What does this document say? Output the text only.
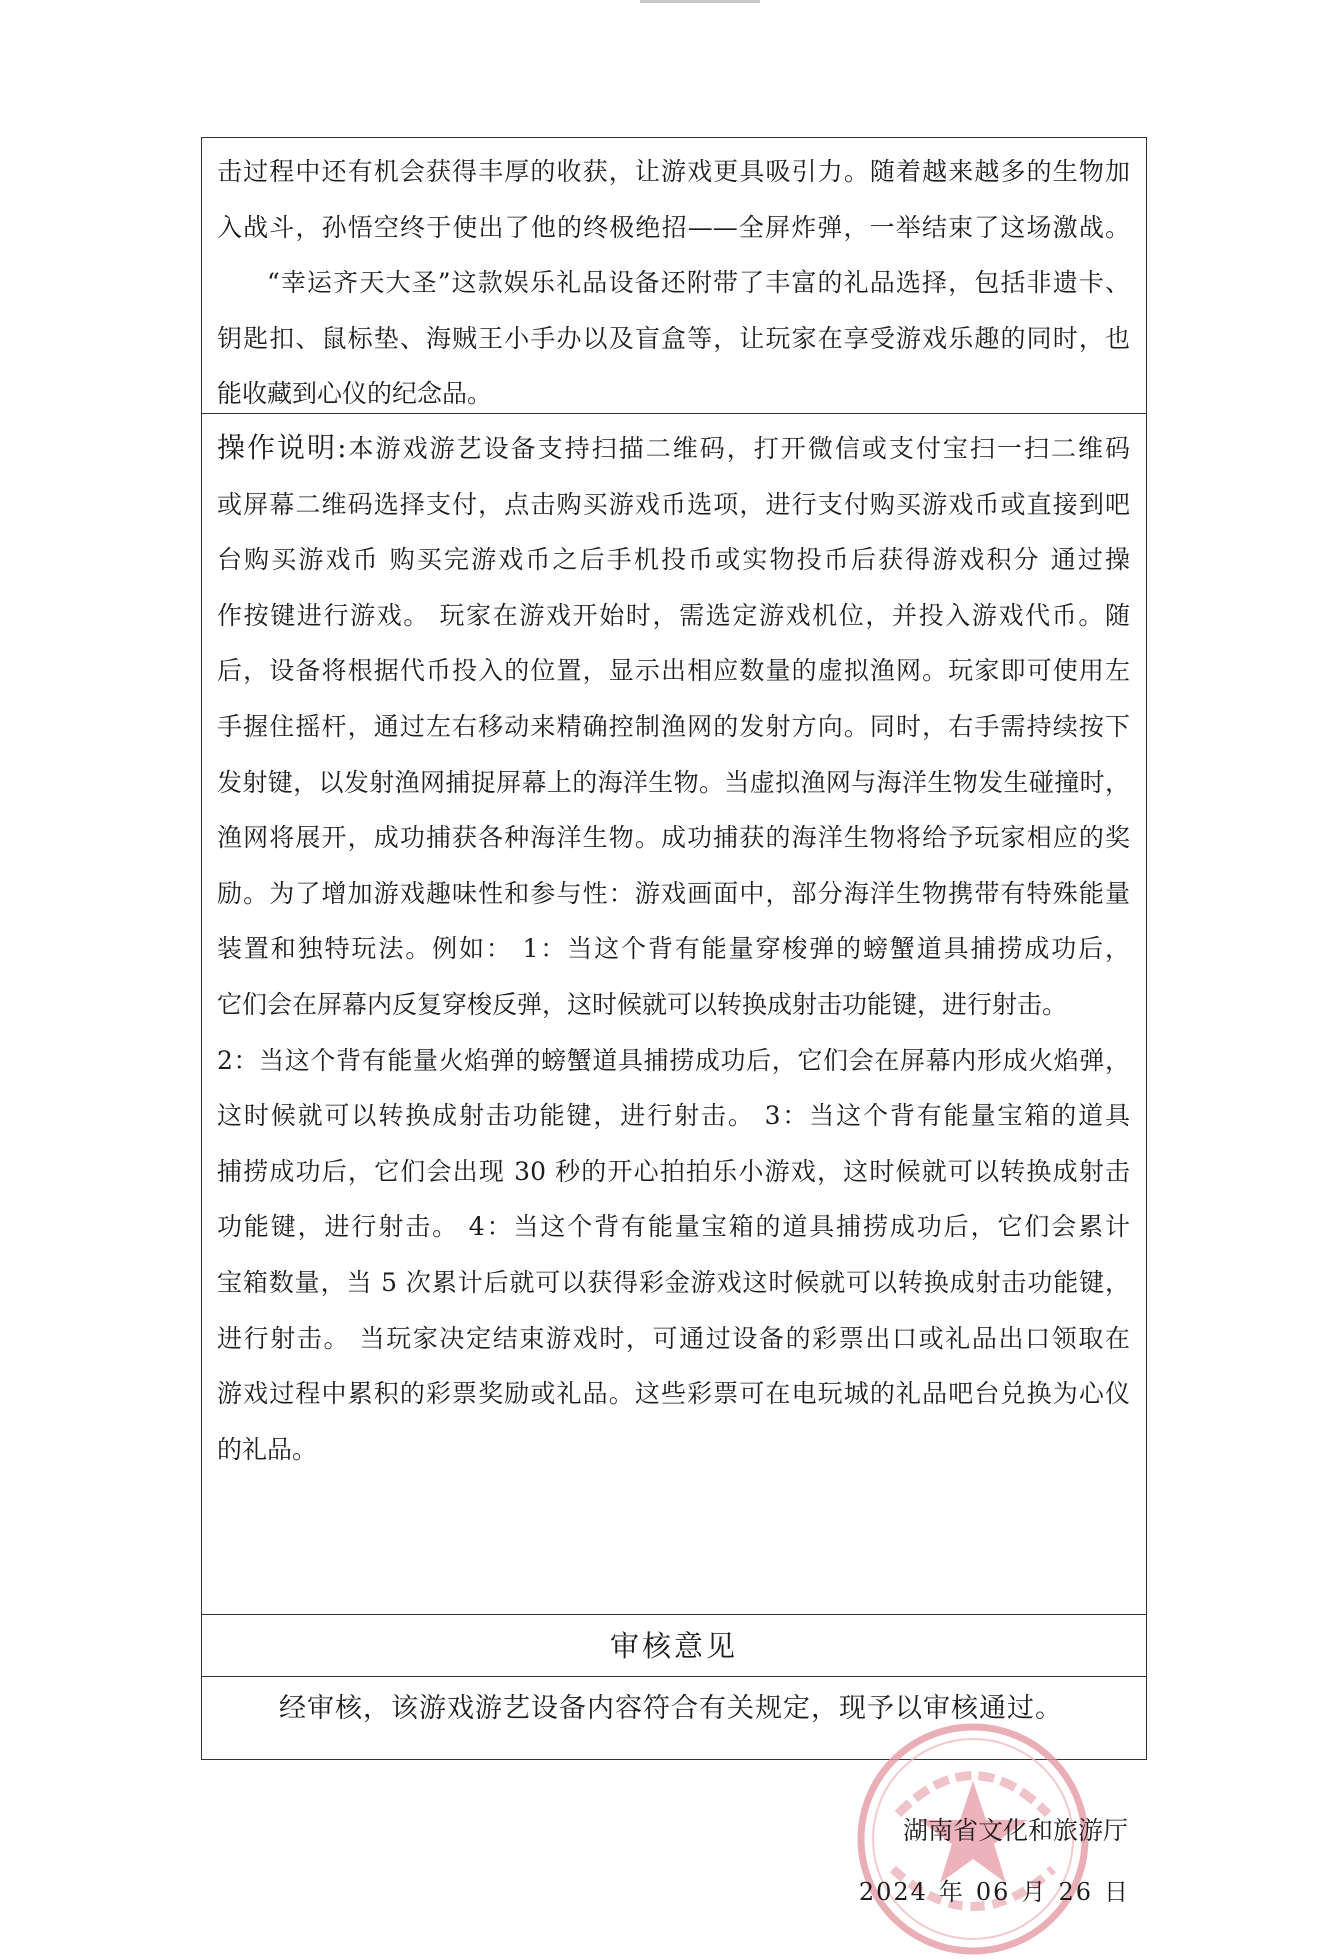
击过程中还有机会获得丰厚的收获，让游戏更具吸引力。随着越来越多的生物加
入战斗，孙悟空终于使出了他的终极绝招——全屏炸弹，一举结束了这场激战。

“幸运齐天大圣”这款娱乐礼品设备还附带了丰富的礼品选择，包括非遗卡、
钥匙扣、鼠标垫、海贼王小手办以及盲盒等，让玩家在享受游戏乐趣的同时，也
能收藏到心仪的纪念品。

操作说明:本游戏游艺设备支持扫描二维码，打开微信或支付宝扫一扫二维码
或屏幕二维码选择支付，点击购买游戏币选项，进行支付购买游戏币或直接到吧
台购买游戏币 购买完游戏币之后手机投币或实物投币后获得游戏积分 通过操
作按键进行游戏。 玩家在游戏开始时，需选定游戏机位，并投入游戏代币。随
后，设备将根据代币投入的位置，显示出相应数量的虚拟渔网。玩家即可使用左
手握住摇杆，通过左右移动来精确控制渔网的发射方向。同时，右手需持续按下
发射键，以发射渔网捕捉屏幕上的海洋生物。当虚拟渔网与海洋生物发生碰撞时，
渔网将展开，成功捕获各种海洋生物。成功捕获的海洋生物将给予玩家相应的奖
励。为了增加游戏趣味性和参与性：游戏画面中，部分海洋生物携带有特殊能量
装置和独特玩法。例如： 1：当这个背有能量穿梭弹的螃蟹道具捕捞成功后，
它们会在屏幕内反复穿梭反弹，这时候就可以转换成射击功能键，进行射击。
2：当这个背有能量火焰弹的螃蟹道具捕捞成功后，它们会在屏幕内形成火焰弹，
这时候就可以转换成射击功能键，进行射击。 3：当这个背有能量宝箱的道具
捕捞成功后，它们会出现 30 秒的开心拍拍乐小游戏，这时候就可以转换成射击
功能键，进行射击。 4：当这个背有能量宝箱的道具捕捞成功后，它们会累计
宝箱数量，当 5 次累计后就可以获得彩金游戏这时候就可以转换成射击功能键，
进行射击。 当玩家决定结束游戏时，可通过设备的彩票出口或礼品出口领取在
游戏过程中累积的彩票奖励或礼品。这些彩票可在电玩城的礼品吧台兑换为心仪
的礼品。
审核意见
经审核，该游戏游艺设备内容符合有关规定，现予以审核通过。
湖南省文化和旅游厅
2024 年 06 月 26 日
